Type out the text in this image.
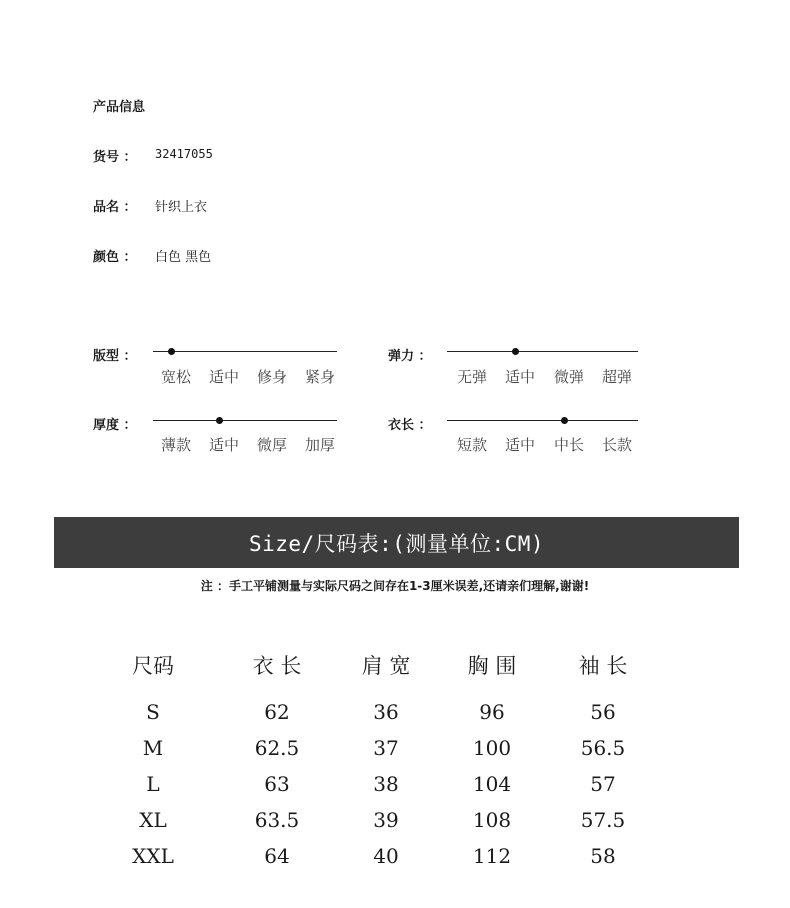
产品信息
货号 ： 32417055
品名 ： 针织上衣
颜色 ： 白色 黑色
版型 ：
宽松 适中 修身 紧身
弹力 ：
无弹 适中 微弹 超弹
厚度 ：
薄款 适中 微厚 加厚
衣长 ：
短款 适中 中长 长款
Size/尺码表:(测量单位:CM)
注 ：手工平铺测量与实际尺码之间存在1-3厘米误差,还请亲们理解,谢谢!
尺码	衣 长	肩 宽	胸 围	袖 长
S	62	36	96	56
M	62.5	37	100	56.5
L	63	38	104	57
XL	63.5	39	108	57.5
XXL	64	40	112	58
